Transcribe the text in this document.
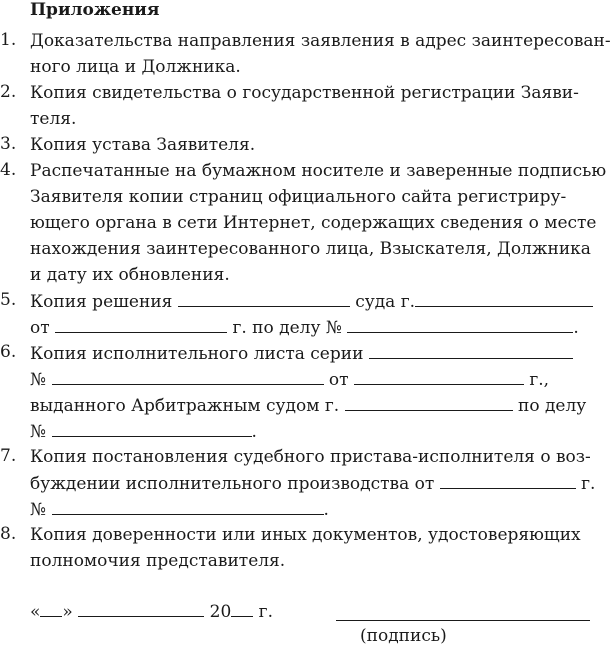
Приложения
1. Доказательства направления заявления в адрес заинтересован-
ного лица и Должника.
2. Копия свидетельства о государственной регистрации Заяви-
теля.
3. Копия устава Заявителя.
4. Распечатанные на бумажном носителе и заверенные подписью
Заявителя копии страниц официального сайта регистриру-
ющего органа в сети Интернет, содержащих сведения о месте
нахождения заинтересованного лица, Взыскателя, Должника
и дату их обновления.
5. Копия решения	суда г.
от	г. по делу №	.
6. Копия исполнительного листа серии
№	от	г.,
выданного Арбитражным судом г.	по делу
№	.
7. Копия постановления судебного пристава-исполнителя о воз-
буждении исполнительного производства от	г.
№	.
8. Копия доверенности или иных документов, удостоверяющих
полномочия представителя.
« »	20 г.
(подпись)
